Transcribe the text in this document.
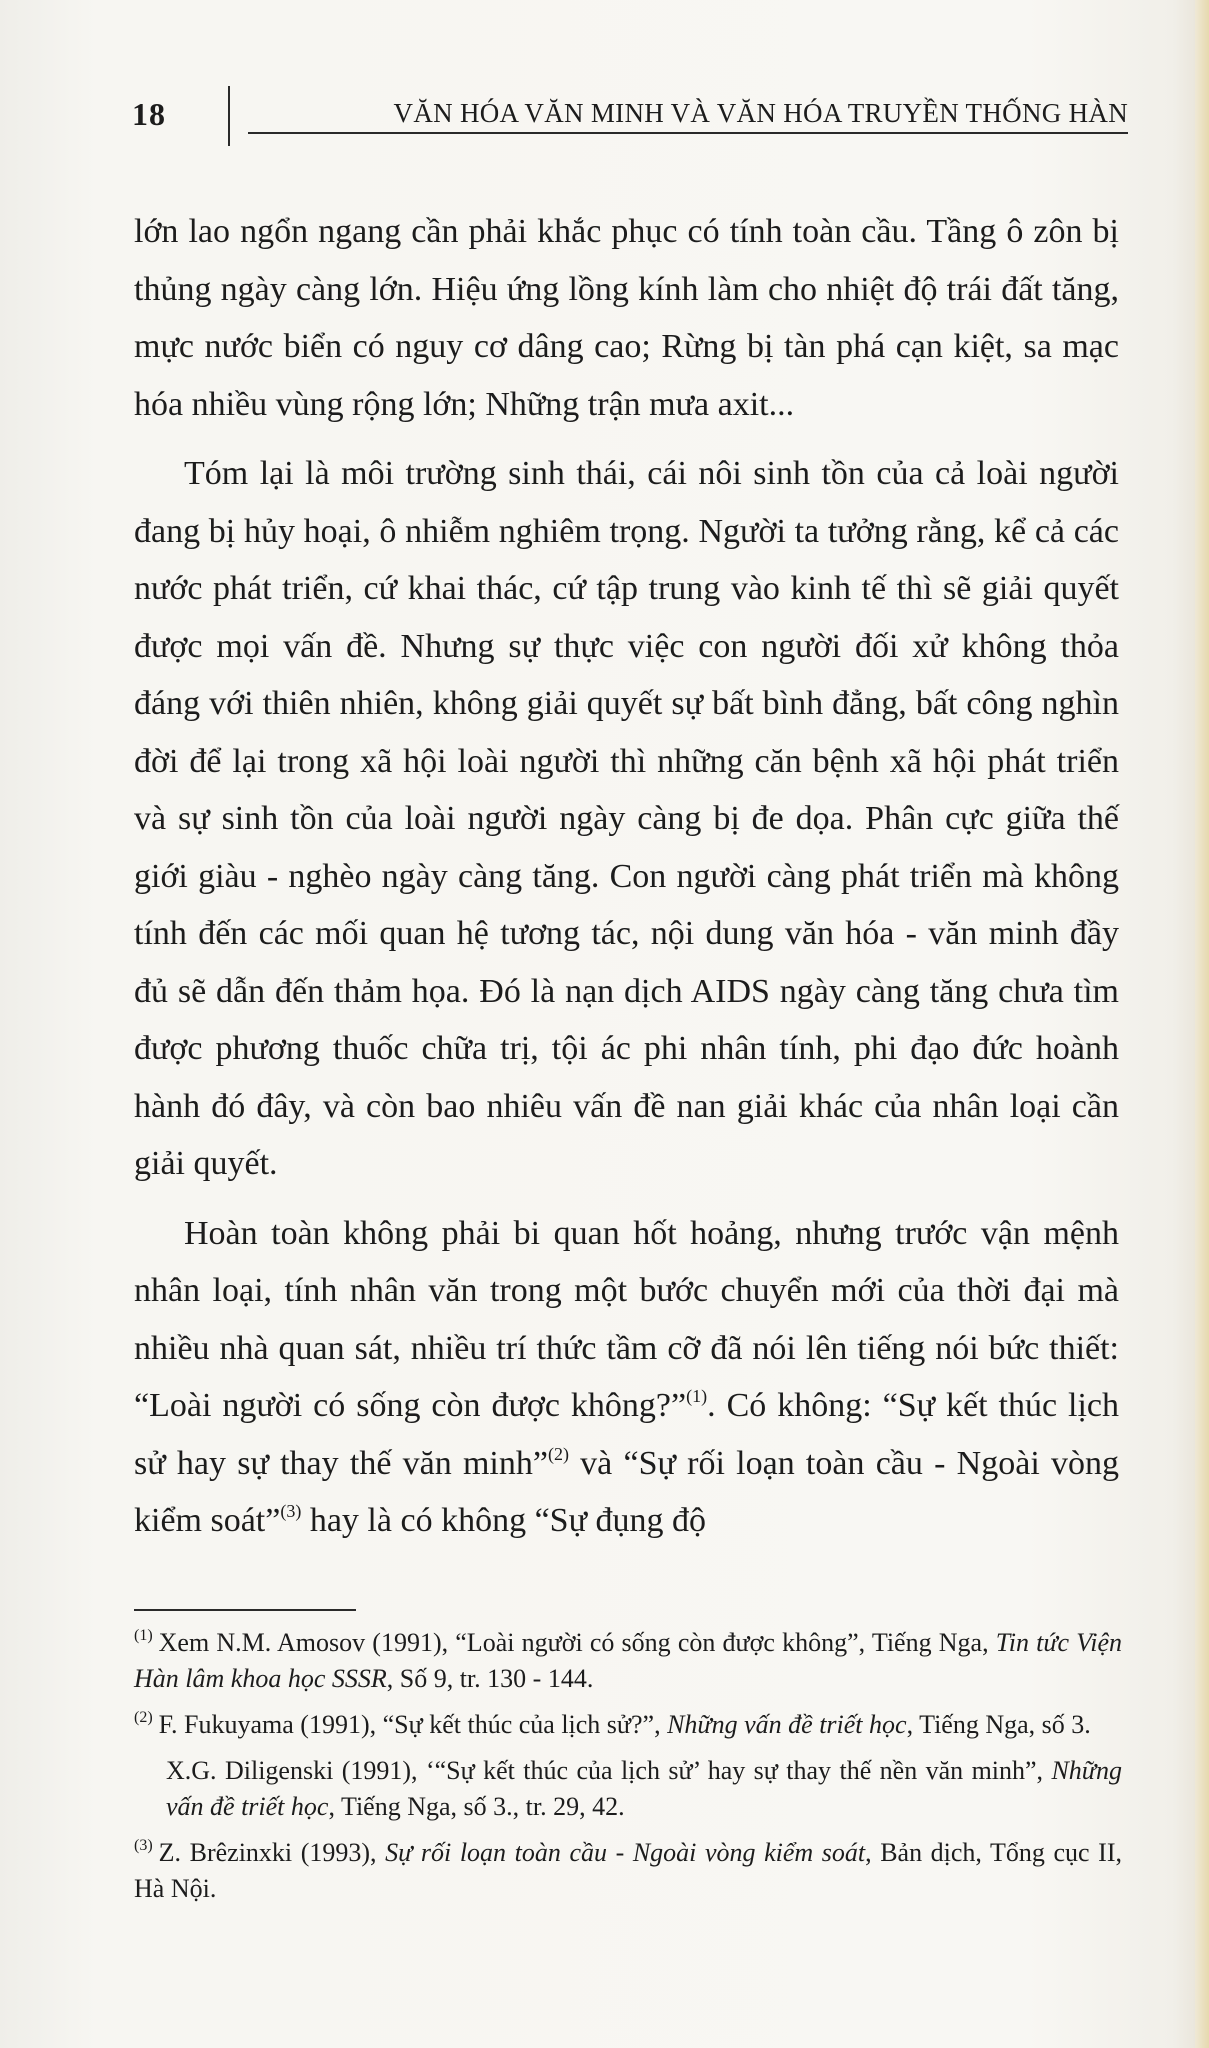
18	VĂN HÓA VĂN MINH VÀ VĂN HÓA TRUYỀN THỐNG HÀN

lớn lao ngổn ngang cần phải khắc phục có tính toàn cầu. Tầng ô zôn bị thủng ngày càng lớn. Hiệu ứng lồng kính làm cho nhiệt độ trái đất tăng, mực nước biển có nguy cơ dâng cao; Rừng bị tàn phá cạn kiệt, sa mạc hóa nhiều vùng rộng lớn; Những trận mưa axit...

Tóm lại là môi trường sinh thái, cái nôi sinh tồn của cả loài người đang bị hủy hoại, ô nhiễm nghiêm trọng. Người ta tưởng rằng, kể cả các nước phát triển, cứ khai thác, cứ tập trung vào kinh tế thì sẽ giải quyết được mọi vấn đề. Nhưng sự thực việc con người đối xử không thỏa đáng với thiên nhiên, không giải quyết sự bất bình đẳng, bất công nghìn đời để lại trong xã hội loài người thì những căn bệnh xã hội phát triển và sự sinh tồn của loài người ngày càng bị đe dọa. Phân cực giữa thế giới giàu - nghèo ngày càng tăng. Con người càng phát triển mà không tính đến các mối quan hệ tương tác, nội dung văn hóa - văn minh đầy đủ sẽ dẫn đến thảm họa. Đó là nạn dịch AIDS ngày càng tăng chưa tìm được phương thuốc chữa trị, tội ác phi nhân tính, phi đạo đức hoành hành đó đây, và còn bao nhiêu vấn đề nan giải khác của nhân loại cần giải quyết.

Hoàn toàn không phải bi quan hốt hoảng, nhưng trước vận mệnh nhân loại, tính nhân văn trong một bước chuyển mới của thời đại mà nhiều nhà quan sát, nhiều trí thức tầm cỡ đã nói lên tiếng nói bức thiết: “Loài người có sống còn được không?”$^{(1)}$. Có không: “Sự kết thúc lịch sử hay sự thay thế văn minh”$^{(2)}$ và “Sự rối loạn toàn cầu - Ngoài vòng kiểm soát”$^{(3)}$ hay là có không “Sự đụng độ

$^{(1)}$ Xem N.M. Amosov (1991), “Loài người có sống còn được không”, Tiếng Nga, Tin tức Viện Hàn lâm khoa học SSSR, Số 9, tr. 130 - 144.

$^{(2)}$ F. Fukuyama (1991), “Sự kết thúc của lịch sử?”, Những vấn đề triết học, Tiếng Nga, số 3.

X.G. Diligenski (1991), ‘“Sự kết thúc của lịch sử’ hay sự thay thế nền văn minh”, Những vấn đề triết học, Tiếng Nga, số 3., tr. 29, 42.

$^{(3)}$ Z. Brêzinxki (1993), Sự rối loạn toàn cầu - Ngoài vòng kiểm soát, Bản dịch, Tổng cục II, Hà Nội.
